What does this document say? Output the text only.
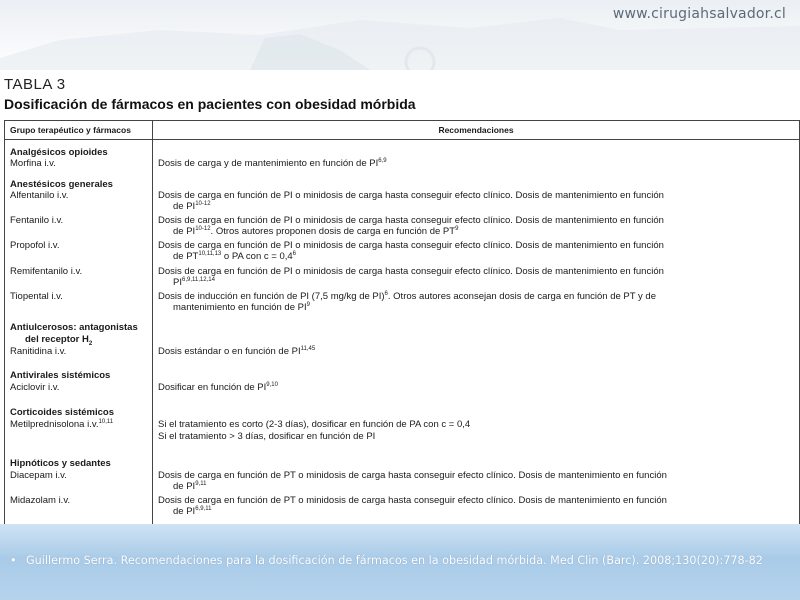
www.cirugiahsalvador.cl
TABLA 3
Dosificación de fármacos en pacientes con obesidad mórbida
Grupo terapéutico y fármacos	Recomendaciones
Analgésicos opioides
Morfina i.v.
Anestésicos generales
Alfentanilo i.v.
Fentanilo i.v.
Propofol i.v.
Remifentanilo i.v.
Tiopental i.v.
Antiulcerosos: antagonistas
del receptor $H_2$
Ranitidina i.v.
Antivirales sistémicos
Aciclovir i.v.
Corticoides sistémicos
Metilprednisolona i.v.$^{10,11}$
Hipnóticos y sedantes
Diacepam i.v.
Midazolam i.v.
Dosis de carga y de mantenimiento en función de PI$^{6,9}$
Dosis de carga en función de PI o minidosis de carga hasta conseguir efecto clínico. Dosis de mantenimiento en función
de PI$^{10-12}$
Dosis de carga en función de PI o minidosis de carga hasta conseguir efecto clínico. Dosis de mantenimiento en función
de PI$^{10-12}$. Otros autores proponen dosis de carga en función de $PT^9$
Dosis de carga en función de PI o minidosis de carga hasta conseguir efecto clínico. Dosis de mantenimiento en función
de PT$^{10,11,13}$ o PA con $c = 0,4^6$
Dosis de carga en función de PI o minidosis de carga hasta conseguir efecto clínico. Dosis de mantenimiento en función
PI$^{6,9,11,12,14}$
Dosis de inducción en función de PI (7,5 mg/kg de PI)$^6$. Otros autores aconsejan dosis de carga en función de PT y de
mantenimiento en función de $PI^9$
Dosis estándar o en función de PI$^{11,45}$
Dosificar en función de PI$^{9,10}$
Si el tratamiento es corto (2-3 días), dosificar en función de PA con c = 0,4
Si el tratamiento > 3 días, dosificar en función de PI
Dosis de carga en función de PT o minidosis de carga hasta conseguir efecto clínico. Dosis de mantenimiento en función
de PI$^{9,11}$
Dosis de carga en función de PT o minidosis de carga hasta conseguir efecto clínico. Dosis de mantenimiento en función
de PI$^{6,9,11}$
• Guillermo Serra. Recomendaciones para la dosificación de fármacos en la obesidad mórbida. Med Clin (Barc). 2008;130(20):778-82
